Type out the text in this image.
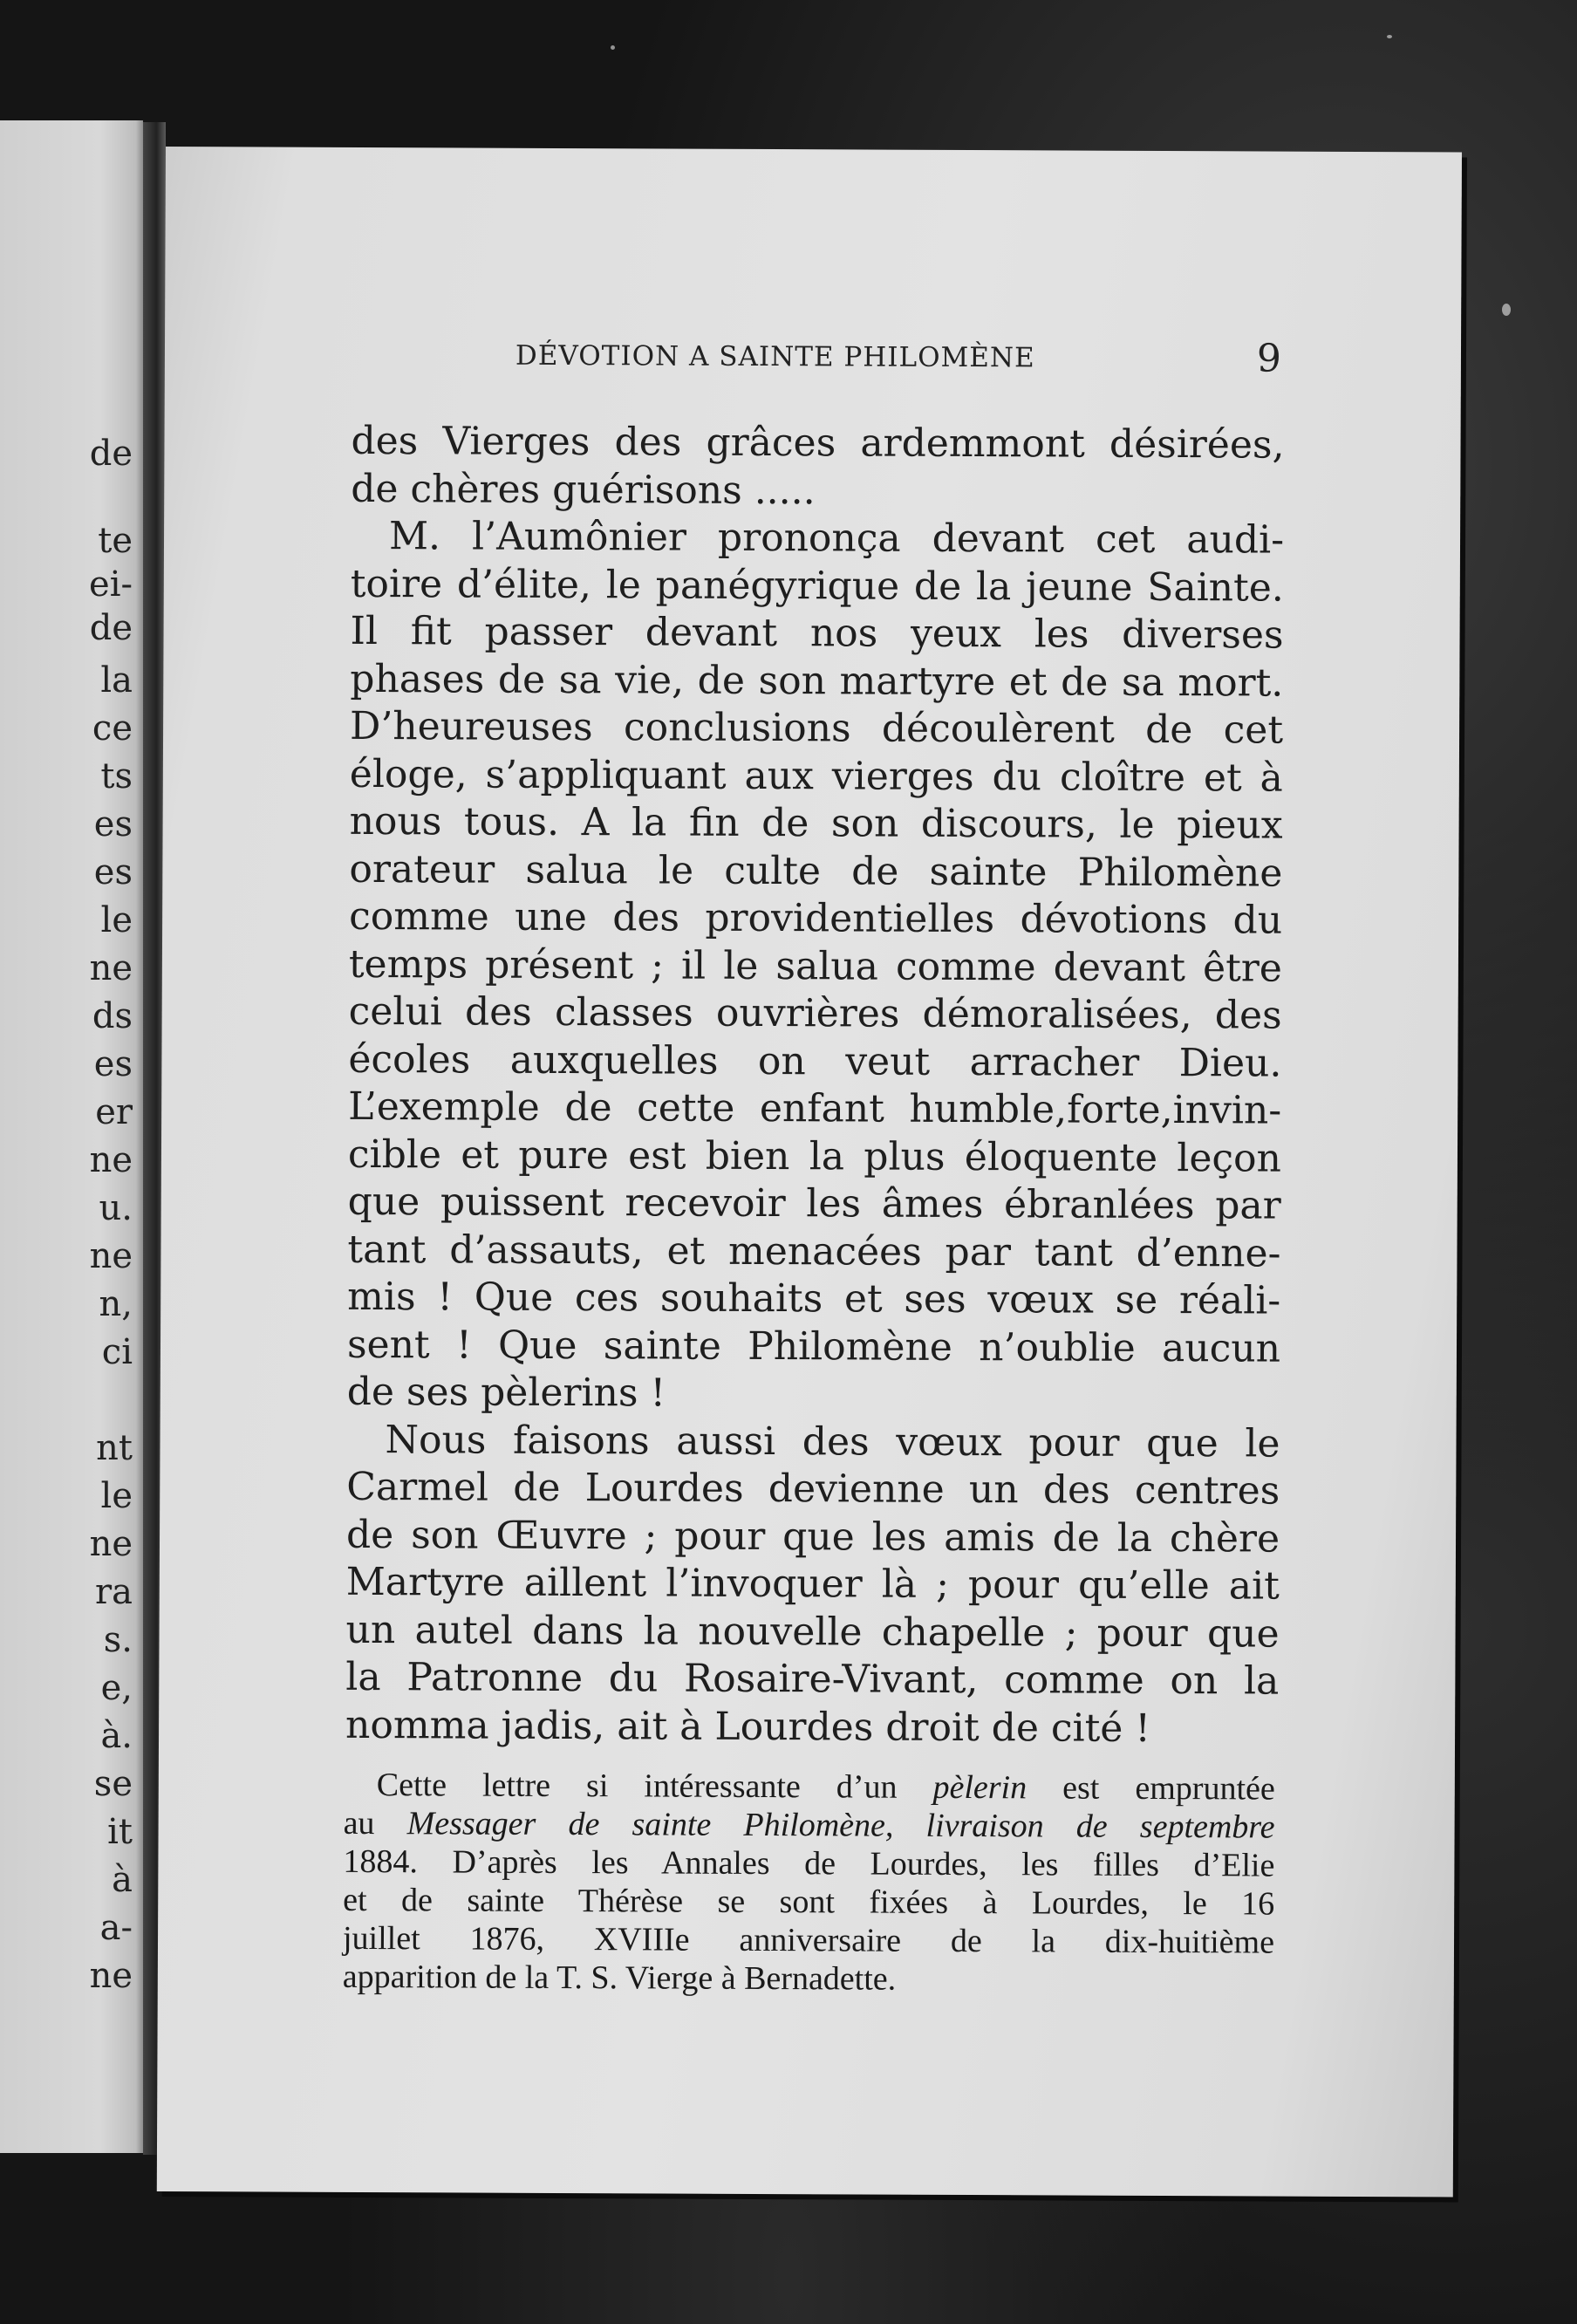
de
te
ei-
de
la
ce
ts
es
es
le
ne
ds
es
er
ne
u.
ne
n,
ci
nt
le
ne
ra
s.
e,
à.
se
it
à
a-
ne
DÉVOTION A SAINTE PHILOMÈNE	9
des Vierges des grâces ardemmont désirées,
de chères guérisons .....
M. l’Aumônier prononça devant cet audi-
toire d’élite, le panégyrique de la jeune Sainte.
Il fit passer devant nos yeux les diverses
phases de sa vie, de son martyre et de sa mort.
D’heureuses conclusions découlèrent de cet
éloge, s’appliquant aux vierges du cloître et à
nous tous. A la fin de son discours, le pieux
orateur salua le culte de sainte Philomène
comme une des providentielles dévotions du
temps présent ; il le salua comme devant être
celui des classes ouvrières démoralisées, des
écoles auxquelles on veut arracher Dieu.
L’exemple de cette enfant humble,forte,invin-
cible et pure est bien la plus éloquente leçon
que puissent recevoir les âmes ébranlées par
tant d’assauts, et menacées par tant d’enne-
mis ! Que ces souhaits et ses vœux se réali-
sent ! Que sainte Philomène n’oublie aucun
de ses pèlerins !
Nous faisons aussi des vœux pour que le
Carmel de Lourdes devienne un des centres
de son Œuvre ; pour que les amis de la chère
Martyre aillent l’invoquer là ; pour qu’elle ait
un autel dans la nouvelle chapelle ; pour que
la Patronne du Rosaire-Vivant, comme on la
nomma jadis, ait à Lourdes droit de cité !
Cette lettre si intéressante d’un pèlerin est empruntée
au Messager de sainte Philomène, livraison de septembre
1884. D’après les Annales de Lourdes, les filles d’Elie
et de sainte Thérèse se sont fixées à Lourdes, le 16
juillet 1876, XVIIIe anniversaire de la dix-huitième
apparition de la T. S. Vierge à Bernadette.
